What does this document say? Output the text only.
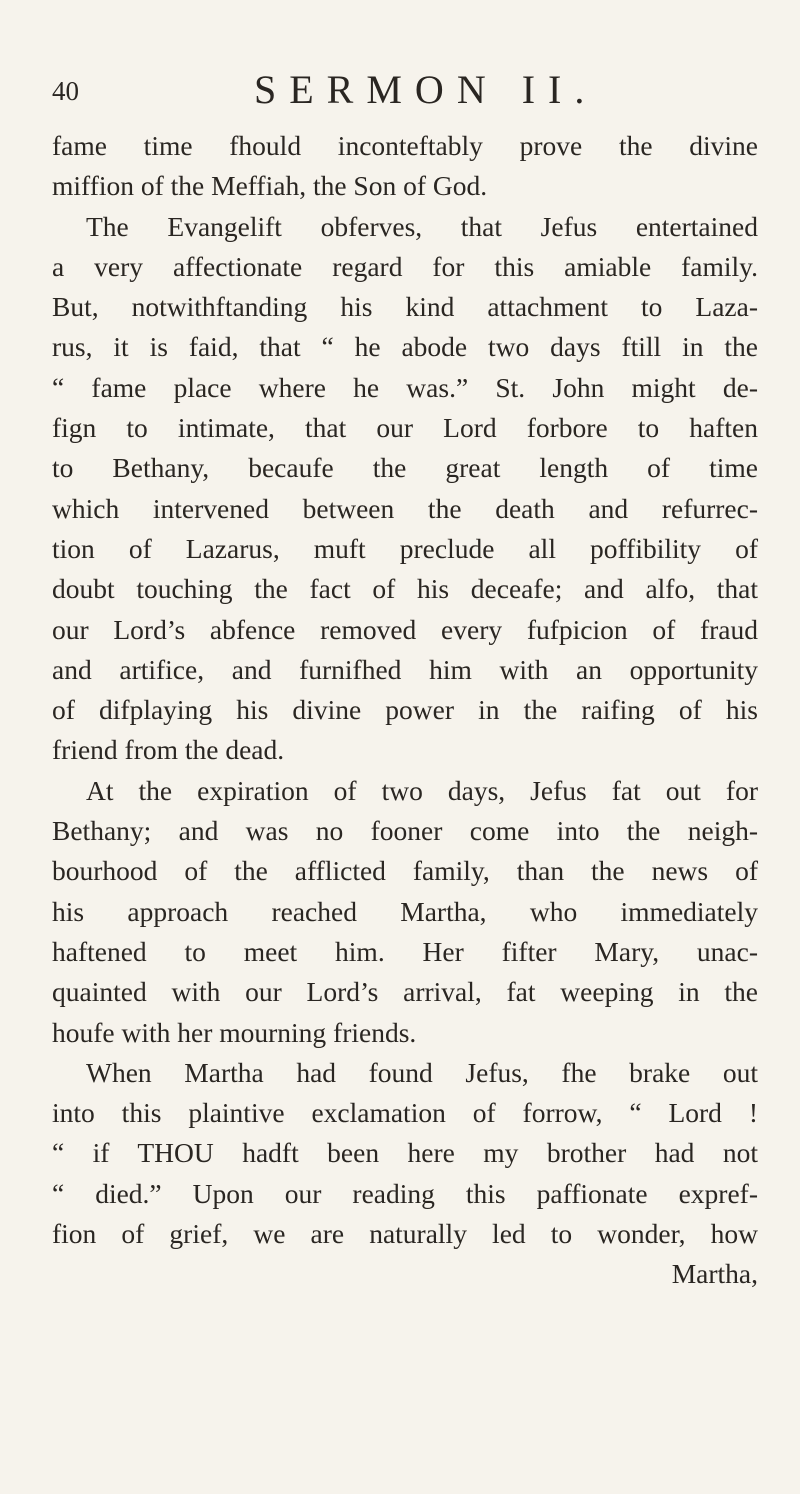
40	SERMON II.
fame time fhould inconteftably prove the divine
miffion of the Meffiah, the Son of God.
The Evangelift obferves, that Jefus entertained
a very affectionate regard for this amiable family.
But, notwithftanding his kind attachment to Laza-
rus, it is faid, that “ he abode two days ftill in the
“ fame place where he was.” St. John might de-
fign to intimate, that our Lord forbore to haften
to Bethany, becaufe the great length of time
which intervened between the death and refurrec-
tion of Lazarus, muft preclude all poffibility of
doubt touching the fact of his deceafe; and alfo, that
our Lord’s abfence removed every fufpicion of fraud
and artifice, and furnifhed him with an opportunity
of difplaying his divine power in the raifing of his
friend from the dead.
At the expiration of two days, Jefus fat out for
Bethany; and was no fooner come into the neigh-
bourhood of the afflicted family, than the news of
his approach reached Martha, who immediately
haftened to meet him. Her fifter Mary, unac-
quainted with our Lord’s arrival, fat weeping in the
houfe with her mourning friends.
When Martha had found Jefus, fhe brake out
into this plaintive exclamation of forrow, “ Lord !
“ if THOU hadft been here my brother had not
“ died.” Upon our reading this paffionate expref-
fion of grief, we are naturally led to wonder, how
Martha,
